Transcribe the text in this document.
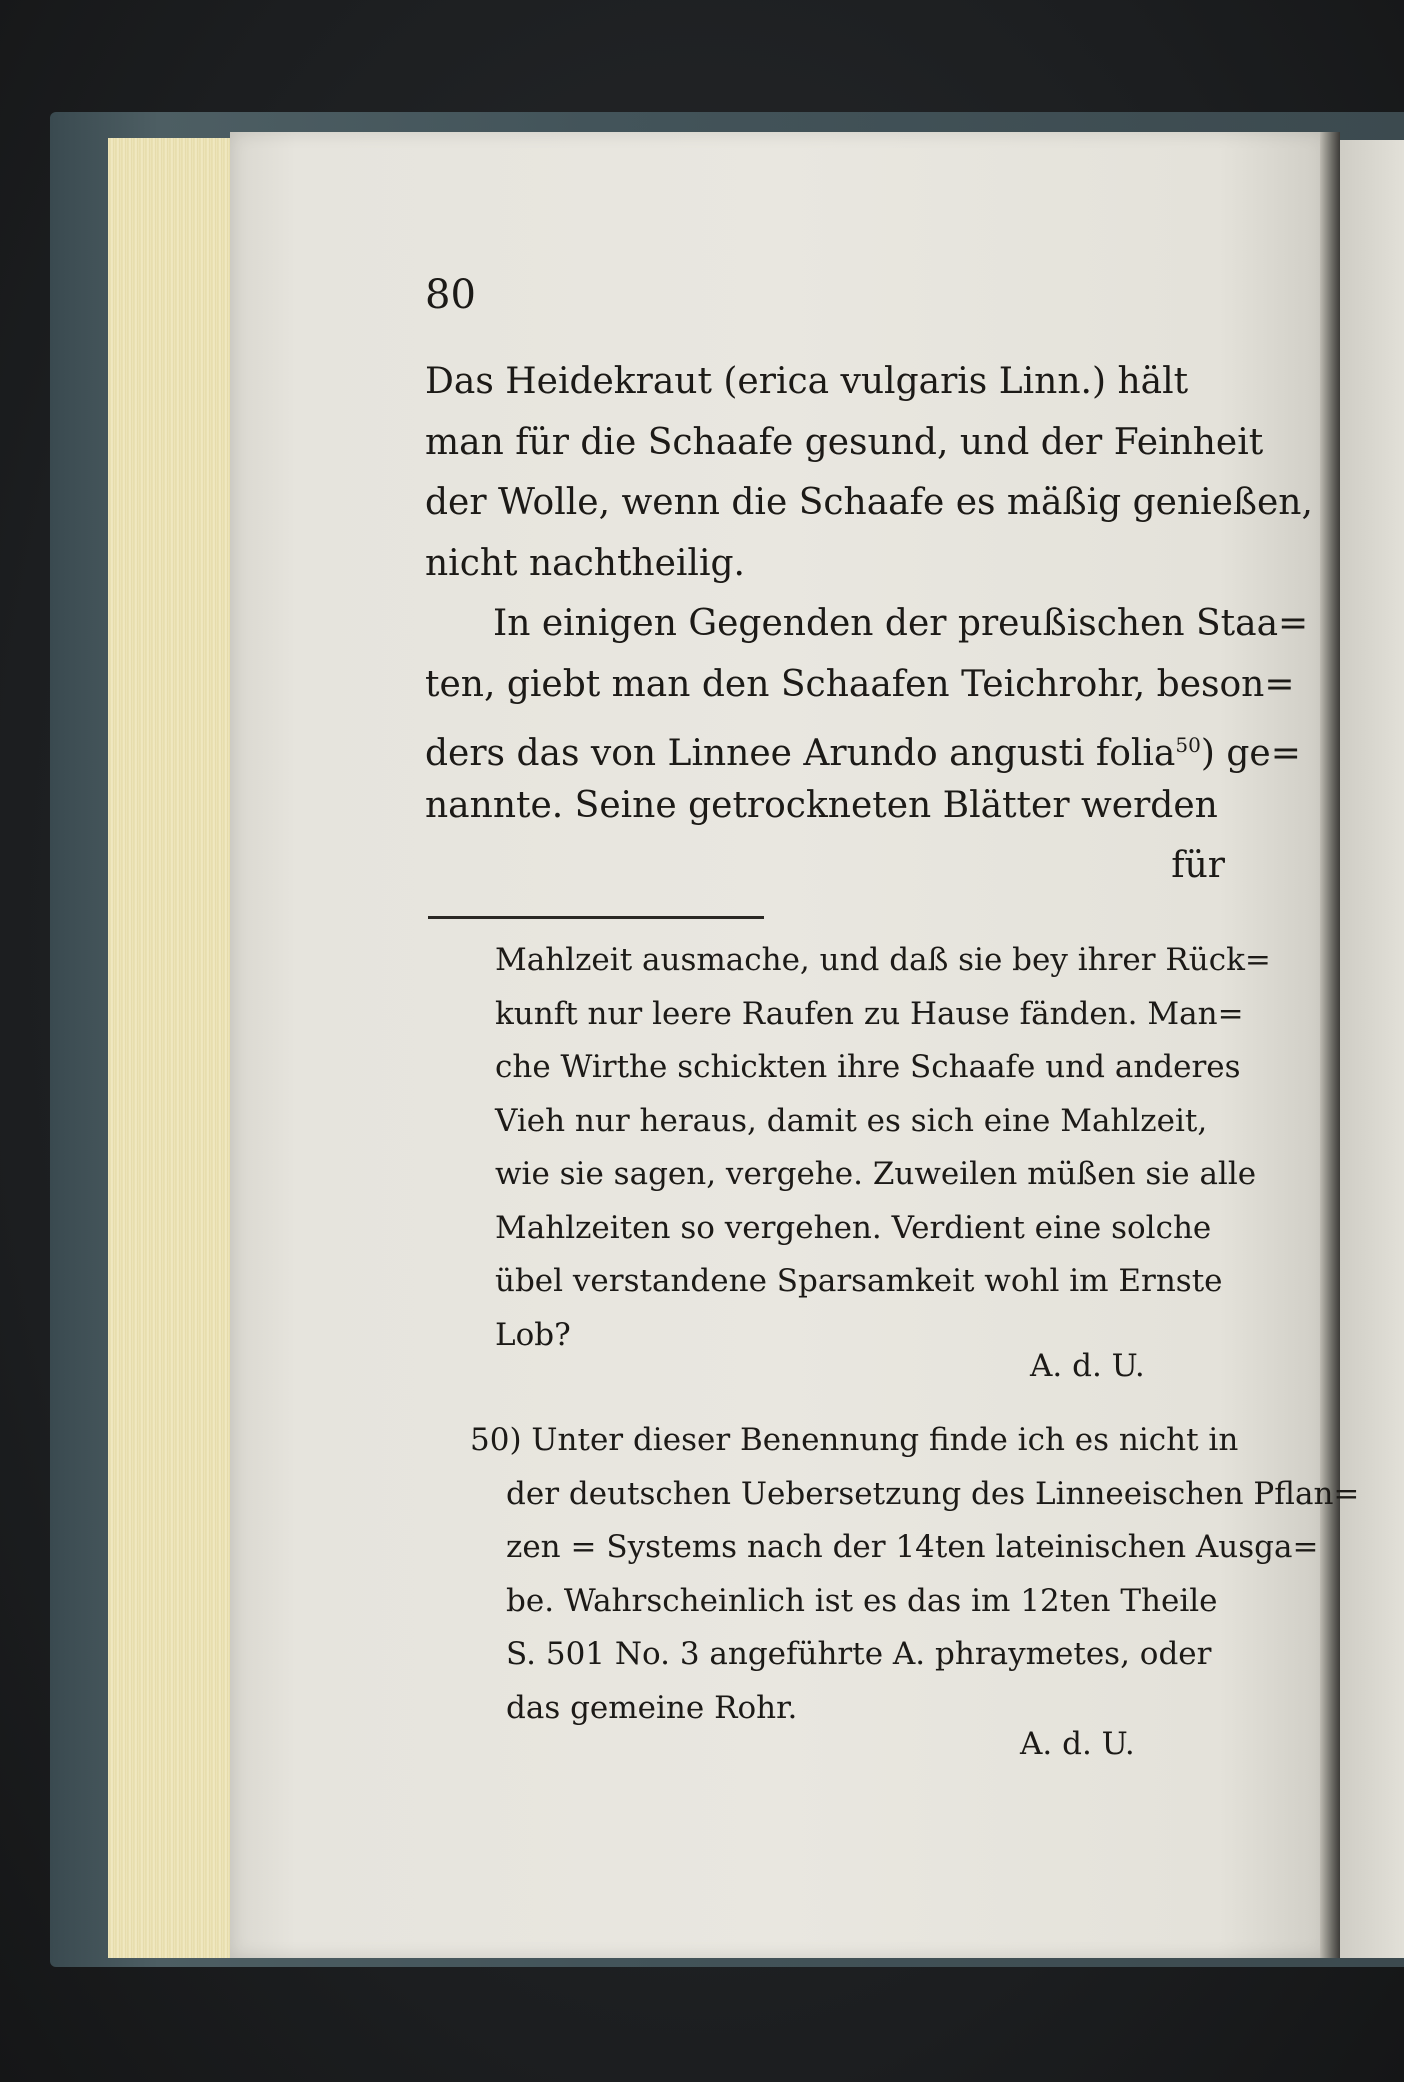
80
Das Heidekraut (erica vulgaris Linn.) hält
man für die Schaafe gesund, und der Feinheit
der Wolle, wenn die Schaafe es mäßig genießen,
nicht nachtheilig.
In einigen Gegenden der preußischen Staa=
ten, giebt man den Schaafen Teichrohr, beson=
ders das von Linnee Arundo angusti folia$^{50}$) ge=
nannte. Seine getrockneten Blätter werden
für
Mahlzeit ausmache, und daß sie bey ihrer Rück=
kunft nur leere Raufen zu Hause fänden. Man=
che Wirthe schickten ihre Schaafe und anderes
Vieh nur heraus, damit es sich eine Mahlzeit,
wie sie sagen, vergehe. Zuweilen müßen sie alle
Mahlzeiten so vergehen. Verdient eine solche
übel verstandene Sparsamkeit wohl im Ernste
Lob?
A. d. U.
50) Unter dieser Benennung finde ich es nicht in
der deutschen Uebersetzung des Linneeischen Pflan=
zen = Systems nach der 14ten lateinischen Ausga=
be. Wahrscheinlich ist es das im 12ten Theile
S. 501 No. 3 angeführte A. phraymetes, oder
das gemeine Rohr.
A. d. U.
